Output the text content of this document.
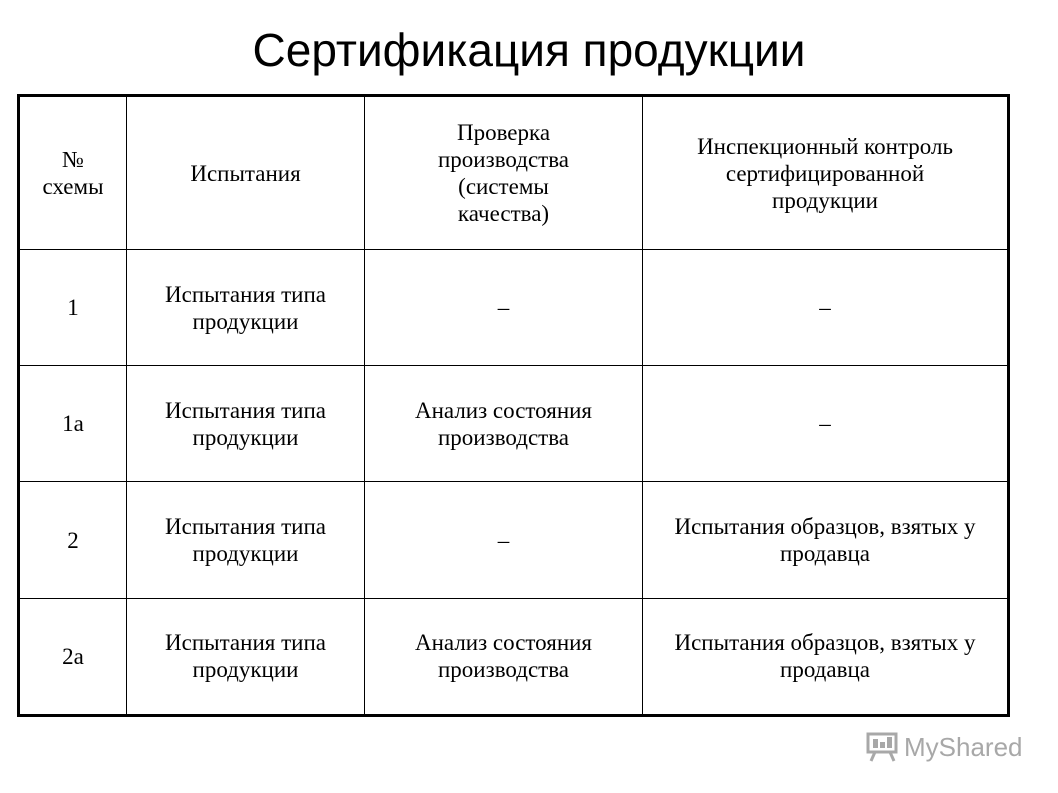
Сертификация продукции
№ схемы	Испытания	Проверка производства (системы качества)	Инспекционный контроль сертифицированной продукции
1	Испытания типа продукции	–	–
1а	Испытания типа продукции	Анализ состояния производства	–
2	Испытания типа продукции	–	Испытания образцов, взятых у продавца
2а	Испытания типа продукции	Анализ состояния производства	Испытания образцов, взятых у продавца
MyShared
